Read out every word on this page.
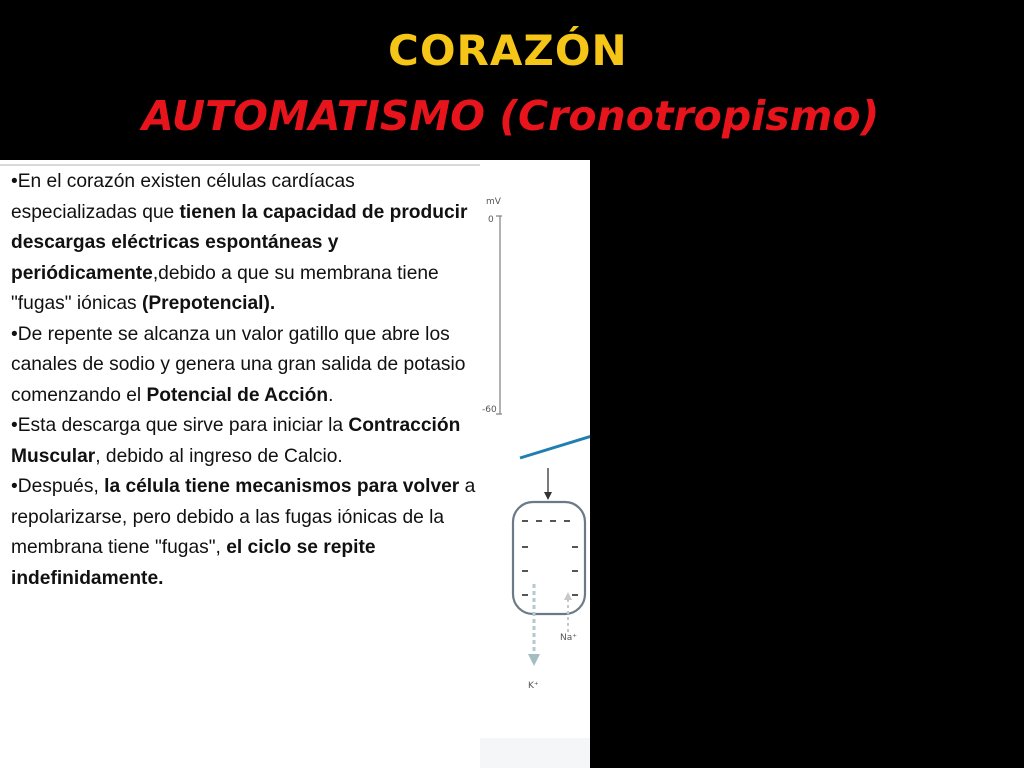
CORAZÓN
AUTOMATISMO (Cronotropismo)

•En el corazón existen células cardíacas especializadas que tienen la capacidad de producir descargas eléctricas espontáneas y periódicamente,debido a que su membrana tiene "fugas" iónicas (Prepotencial).

•De repente se alcanza un valor gatillo que abre los canales de sodio y genera una gran salida de potasio comenzando el Potencial de Acción.

•Esta descarga que sirve para iniciar la Contracción Muscular, debido al ingreso de Calcio.

•Después, la célula tiene mecanismos para volver a repolarizarse, pero debido a las fugas iónicas de la membrana tiene "fugas", el ciclo se repite indefinidamente.

mV
0
-60
K⁺
Na⁺
